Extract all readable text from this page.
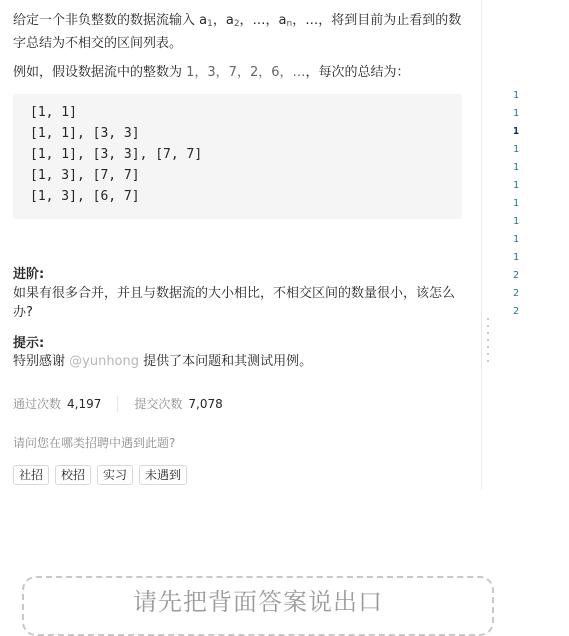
给定一个非负整数的数据流输入 $a_1$，$a_2$，…，$a_n$，…，将到目前为止看到的数字总结为不相交的区间列表。

例如，假设数据流中的整数为 1，3，7，2，6，…，每次的总结为：

[1, 1]
[1, 1], [3, 3]
[1, 1], [3, 3], [7, 7]
[1, 3], [7, 7]
[1, 3], [6, 7]

进阶:

如果有很多合并，并且与数据流的大小相比，不相交区间的数量很小，该怎么办?

提示:

特别感谢 @yunhong 提供了本问题和其测试用例。

通过次数 4,197	提交次数 7,078
请问您在哪类招聘中遇到此题?
社招	校招	实习	未遇到
1
1
1
1
1
1
1
1
1
1
2
2
2
请先把背面答案说出口
